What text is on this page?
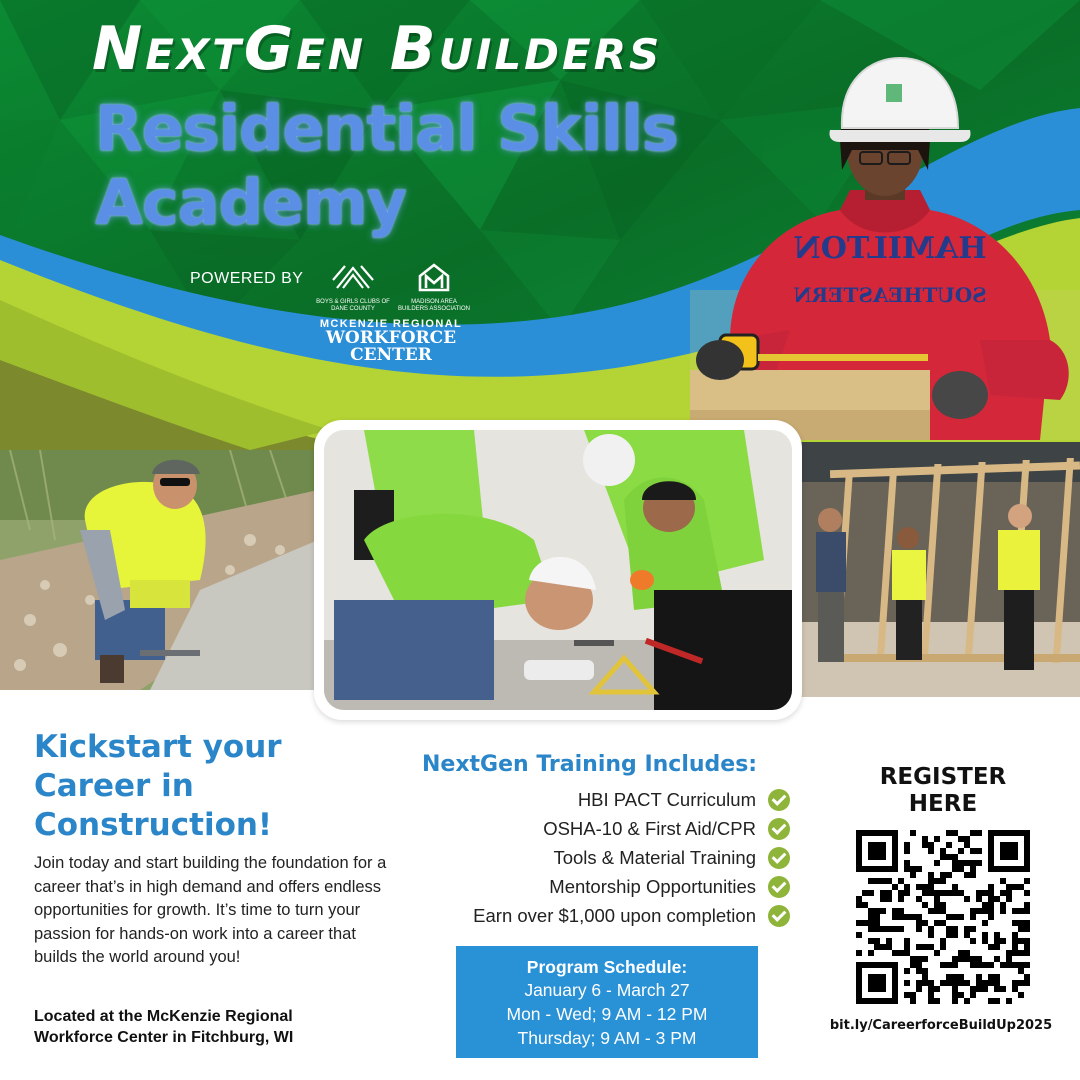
NextGen Builders
Residential Skills Academy
POWERED BY
BOYS & GIRLS CLUBS OF DANE COUNTY
MADISON AREA BUILDERS ASSOCIATION
MCKENZIE REGIONAL
WORKFORCE CENTER
HAMILTON
SOUTHEASTERN
Kickstart your Career in Construction!
Join today and start building the foundation for a career that’s in high demand and offers endless opportunities for growth. It’s time to turn your passion for hands-on work into a career that builds the world around you!
Located at the McKenzie Regional Workforce Center in Fitchburg, WI
NextGen Training Includes:
HBI PACT Curriculum
OSHA-10 & First Aid/CPR
Tools & Material Training
Mentorship Opportunities
Earn over $1,000 upon completion
Program Schedule:
January 6 - March 27
Mon - Wed; 9 AM - 12 PM
Thursday; 9 AM - 3 PM
REGISTER HERE
bit.ly/CareerforceBuildUp2025
